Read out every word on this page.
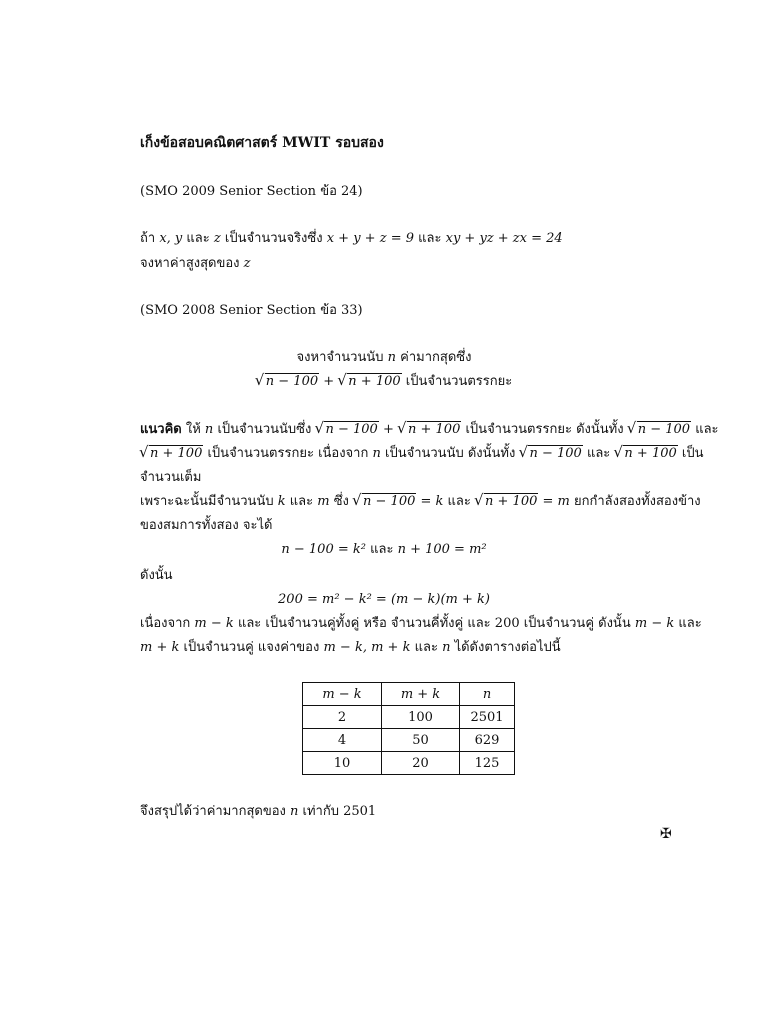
เก็งข้อสอบคณิตศาสตร์ MWIT รอบสอง
(SMO 2009 Senior Section ข้อ 24)
ถ้า x, y และ z เป็นจำนวนจริงซึ่ง x + y + z = 9 และ xy + yz + zx = 24
จงหาค่าสูงสุดของ z
(SMO 2008 Senior Section ข้อ 33)
จงหาจำนวนนับ n ค่ามากสุดซึ่ง
√ n − 100 + √ n + 100 เป็นจำนวนตรรกยะ
แนวคิด ให้ n เป็นจำนวนนับซึ่ง √ n − 100 + √ n + 100 เป็นจำนวนตรรกยะ ดังนั้นทั้ง √ n − 100 และ
√ n + 100 เป็นจำนวนตรรกยะ เนื่องจาก n เป็นจำนวนนับ ดังนั้นทั้ง √ n − 100 และ √ n + 100 เป็น
จำนวนเต็ม
เพราะฉะนั้นมีจำนวนนับ k และ m ซึ่ง √ n − 100 = k และ √ n + 100 = m ยกกำลังสองทั้งสองข้าง
ของสมการทั้งสอง จะได้
n − 100 = k² และ n + 100 = m²
ดังนั้น
200 = m² − k² = (m − k)(m + k)
เนื่องจาก m − k และ เป็นจำนวนคู่ทั้งคู่ หรือ จำนวนคี่ทั้งคู่ และ 200 เป็นจำนวนคู่ ดังนั้น m − k และ
m + k เป็นจำนวนคู่ แจงค่าของ m − k, m + k และ n ได้ดังตารางต่อไปนี้
m − k	m + k	n
2	100	2501
4	50	629
10	20	125
จึงสรุปได้ว่าค่ามากสุดของ n เท่ากับ 2501
✠
